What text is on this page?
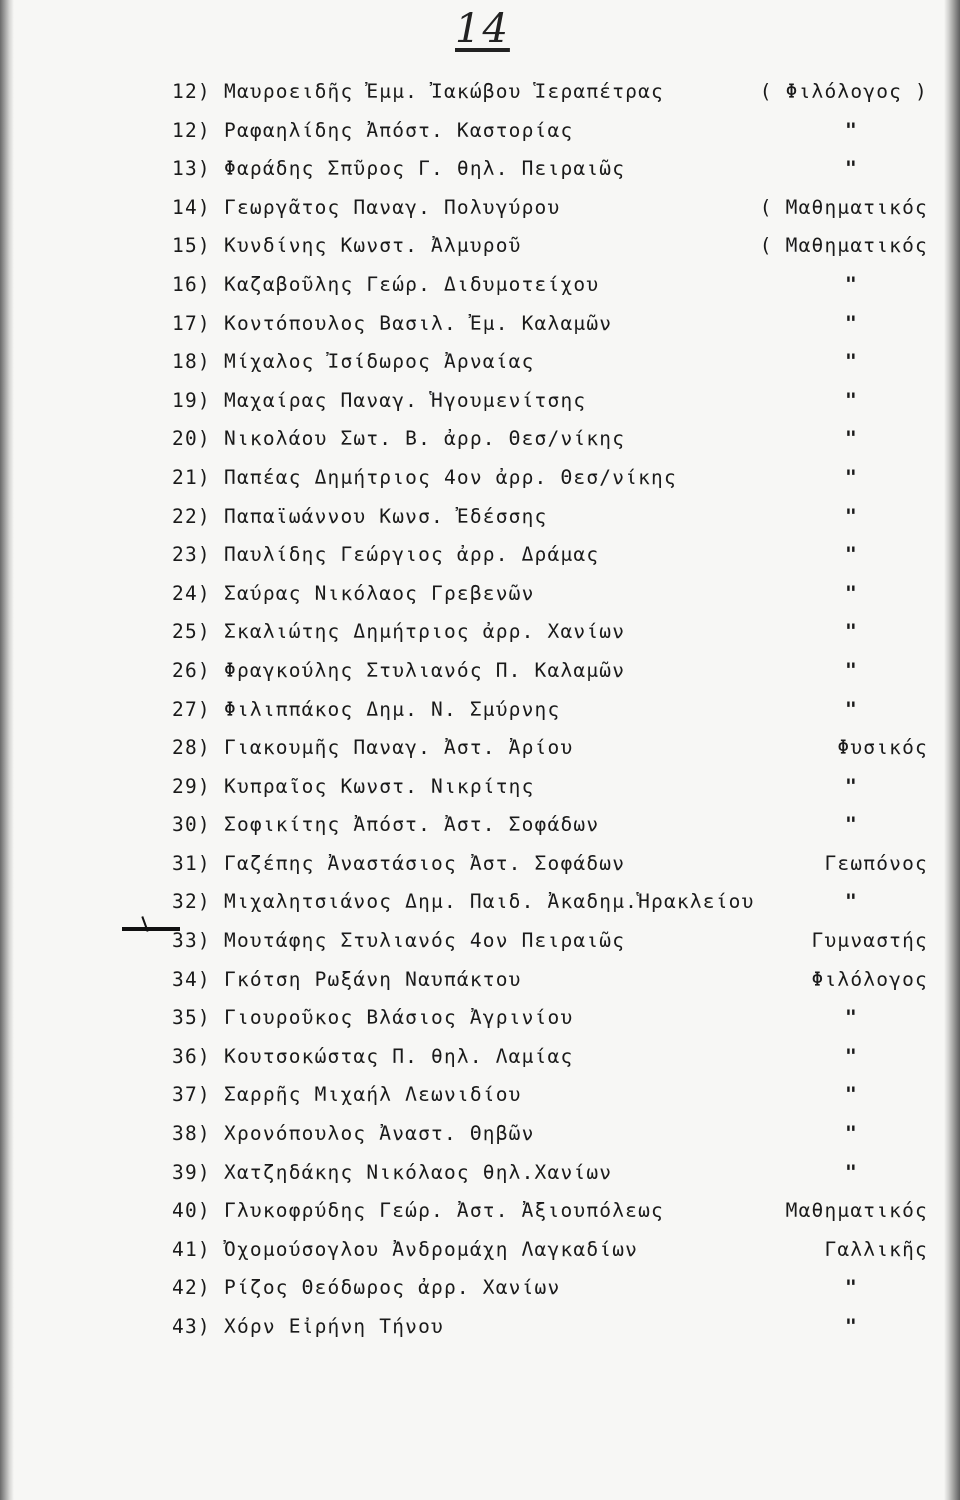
14
12) Μαυροειδῆς Ἐμμ. Ἰακώβου Ἱεραπέτρας	( Φιλόλογος )
12) Ραφαηλίδης Ἀπόστ. Καστορίας	"
13) Φαράδης Σπῦρος Γ. θηλ. Πειραιῶς	"
14) Γεωργᾶτος Παναγ. Πολυγύρου	( Μαθηματικός
15) Κυνδίνης Κωνστ. Ἀλμυροῦ	( Μαθηματικός
16) Καζαβοῦλης Γεώρ. Διδυμοτείχου	"
17) Κοντόπουλος Βασιλ. Ἐμ. Καλαμῶν	"
18) Μίχαλος Ἰσίδωρος Ἀρναίας	"
19) Μαχαίρας Παναγ. Ἡγουμενίτσης	"
20) Νικολάου Σωτ. Β. ἀρρ. Θεσ/νίκης	"
21) Παπέας Δημήτριος 4ον ἀρρ. Θεσ/νίκης	"
22) Παπαϊωάννου Κωνσ. Ἐδέσσης	"
23) Παυλίδης Γεώργιος ἀρρ. Δράμας	"
24) Σαύρας Νικόλαος Γρεβενῶν	"
25) Σκαλιώτης Δημήτριος ἀρρ. Χανίων	"
26) Φραγκούλης Στυλιανός Π. Καλαμῶν	"
27) Φιλιππάκος Δημ. Ν. Σμύρνης	"
28) Γιακουμῆς Παναγ. Ἀστ. Ἀρίου	Φυσικός
29) Κυπραῖος Κωνστ. Νικρίτης	"
30) Σοφικίτης Ἀπόστ. Ἀστ. Σοφάδων	"
31) Γαζέπης Ἀναστάσιος Ἀστ. Σοφάδων	Γεωπόνος
32) Μιχαλητσιάνος Δημ. Παιδ. Ἀκαδημ.Ἡρακλείου	"
33) Μουτάφης Στυλιανός 4ον Πειραιῶς	Γυμναστής
34) Γκότση Ρωξάνη Ναυπάκτου	Φιλόλογος
35) Γιουροῦκος Βλάσιος Ἀγρινίου	"
36) Κουτσοκώστας Π. θηλ. Λαμίας	"
37) Σαρρῆς Μιχαήλ Λεωνιδίου	"
38) Χρονόπουλος Ἀναστ. Θηβῶν	"
39) Χατζηδάκης Νικόλαος θηλ.Χανίων	"
40) Γλυκοφρύδης Γεώρ. Ἀστ. Ἀξιουπόλεως	Μαθηματικός
41) Ὀχομούσογλου Ἀνδρομάχη Λαγκαδίων	Γαλλικῆς
42) Ρίζος Θεόδωρος ἀρρ. Χανίων	"
43) Χόρν Εἰρήνη Τήνου	"
